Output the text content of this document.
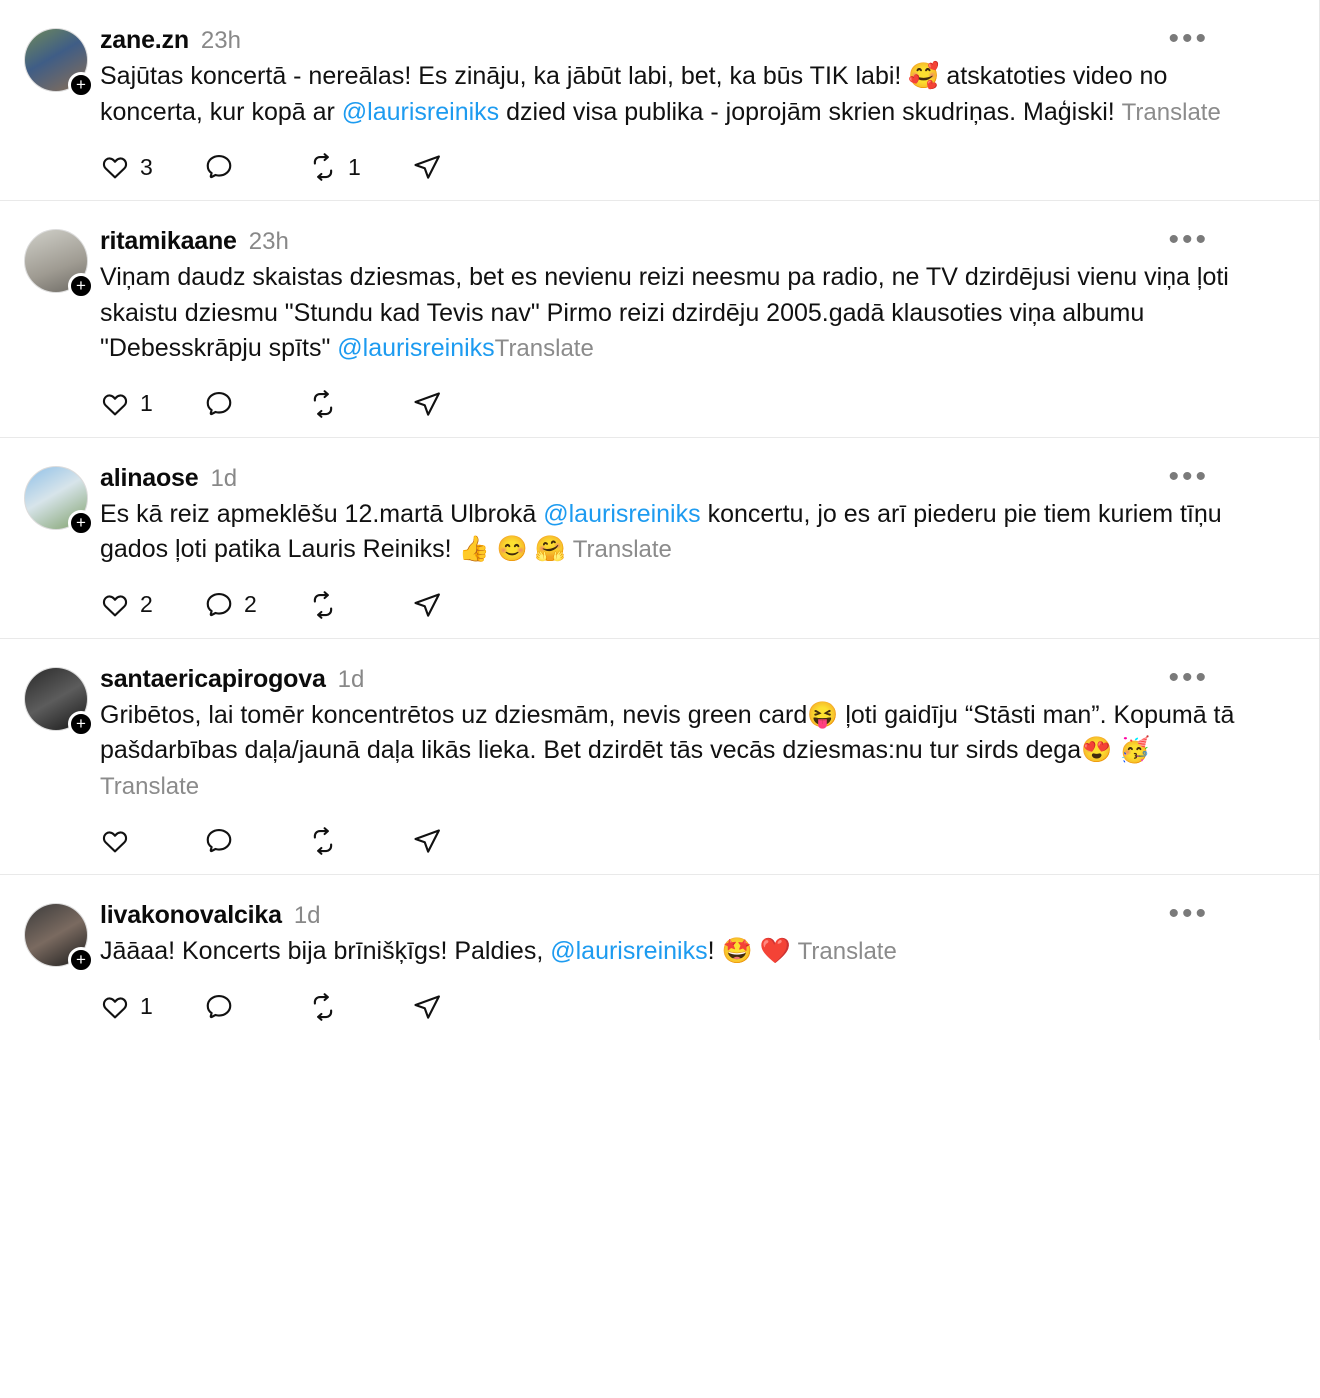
•••
+
zane.zn 23h
Sajūtas koncertā - nereālas! Es zināju, ka jābūt labi, bet, ka būs TIK labi! 🥰 atskatoties video no koncerta, kur kopā ar @laurisreiniks dzied visa publika - joprojām skrien skudriņas. Maģiski! Translate
3	1
•••
+
ritamikaane 23h
Viņam daudz skaistas dziesmas, bet es nevienu reizi neesmu pa radio, ne TV dzirdējusi vienu viņa ļoti skaistu dziesmu "Stundu kad Tevis nav" Pirmo reizi dzirdēju 2005.gadā klausoties viņa albumu "Debesskrāpju spīts" @laurisreiniksTranslate
1
•••
+
alinaose 1d
Es kā reiz apmeklēšu 12.martā Ulbrokā @laurisreiniks koncertu, jo es arī piederu pie tiem kuriem tīņu gados ļoti patika Lauris Reiniks! 👍 😊 🤗 Translate
2	2
•••
+
santaericapirogova 1d
Gribētos, lai tomēr koncentrētos uz dziesmām, nevis green card😝 ļoti gaidīju “Stāsti man”. Kopumā tā pašdarbības daļa/jaunā daļa likās lieka. Bet dzirdēt tās vecās dziesmas:nu tur sirds dega😍 🥳 Translate
•••
+
livakonovalcika 1d
Jāāaa! Koncerts bija brīnišķīgs! Paldies, @laurisreiniks! 🤩 ❤️ Translate
1
